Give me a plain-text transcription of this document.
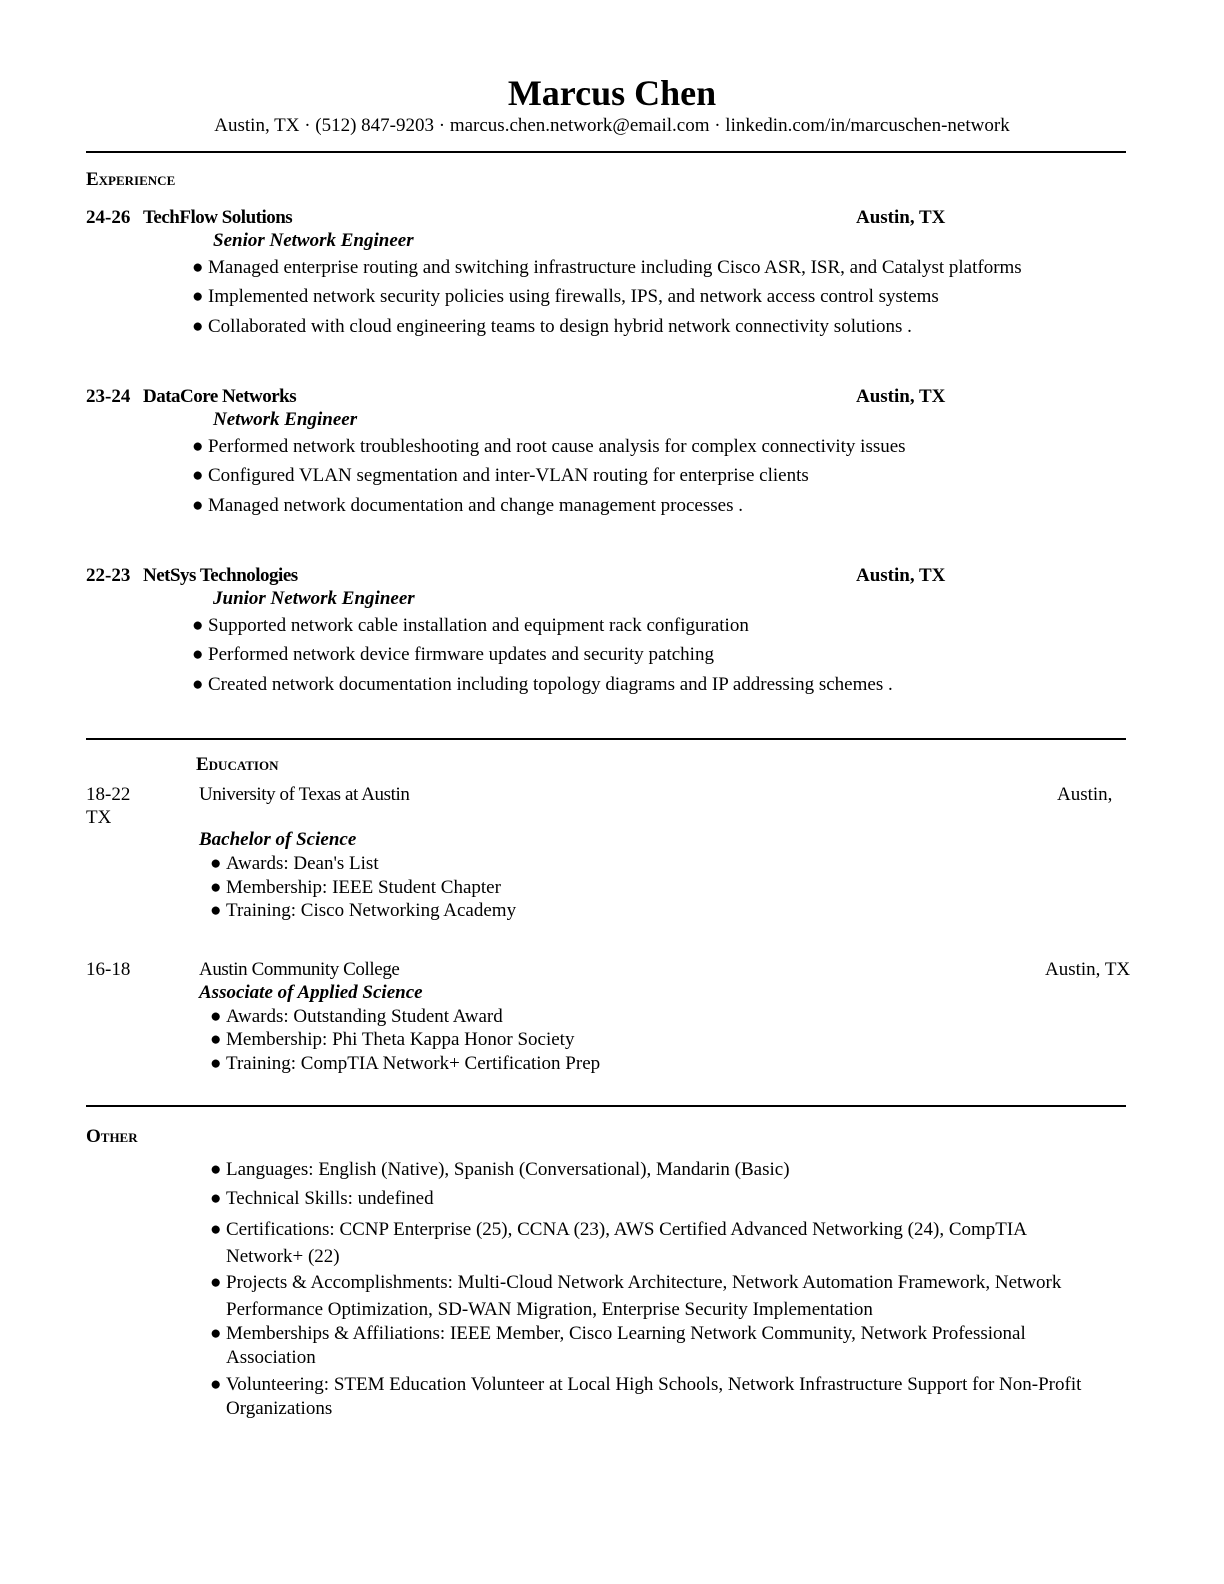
Marcus Chen
Austin, TX · (512) 847-9203 · marcus.chen.network@email.com · linkedin.com/in/marcuschen-network
Experience
24-26 TechFlow Solutions	Austin, TX
Senior Network Engineer
● Managed enterprise routing and switching infrastructure including Cisco ASR, ISR, and Catalyst platforms
● Implemented network security policies using firewalls, IPS, and network access control systems
● Collaborated with cloud engineering teams to design hybrid network connectivity solutions .
23-24 DataCore Networks	Austin, TX
Network Engineer
● Performed network troubleshooting and root cause analysis for complex connectivity issues
● Configured VLAN segmentation and inter-VLAN routing for enterprise clients
● Managed network documentation and change management processes .
22-23 NetSys Technologies	Austin, TX
Junior Network Engineer
● Supported network cable installation and equipment rack configuration
● Performed network device firmware updates and security patching
● Created network documentation including topology diagrams and IP addressing schemes .
Education
18-22	University of Texas at Austin	Austin,
TX
Bachelor of Science
● Awards: Dean's List
● Membership: IEEE Student Chapter
● Training: Cisco Networking Academy
16-18	Austin Community College	Austin, TX
Associate of Applied Science
● Awards: Outstanding Student Award
● Membership: Phi Theta Kappa Honor Society
● Training: CompTIA Network+ Certification Prep
Other
● Languages: English (Native), Spanish (Conversational), Mandarin (Basic)
● Technical Skills: undefined
● Certifications: CCNP Enterprise (25), CCNA (23), AWS Certified Advanced Networking (24), CompTIA Network+ (22)
● Projects & Accomplishments: Multi-Cloud Network Architecture, Network Automation Framework, Network Performance Optimization, SD-WAN Migration, Enterprise Security Implementation
● Memberships & Affiliations: IEEE Member, Cisco Learning Network Community, Network Professional Association
● Volunteering: STEM Education Volunteer at Local High Schools, Network Infrastructure Support for Non-Profit Organizations
